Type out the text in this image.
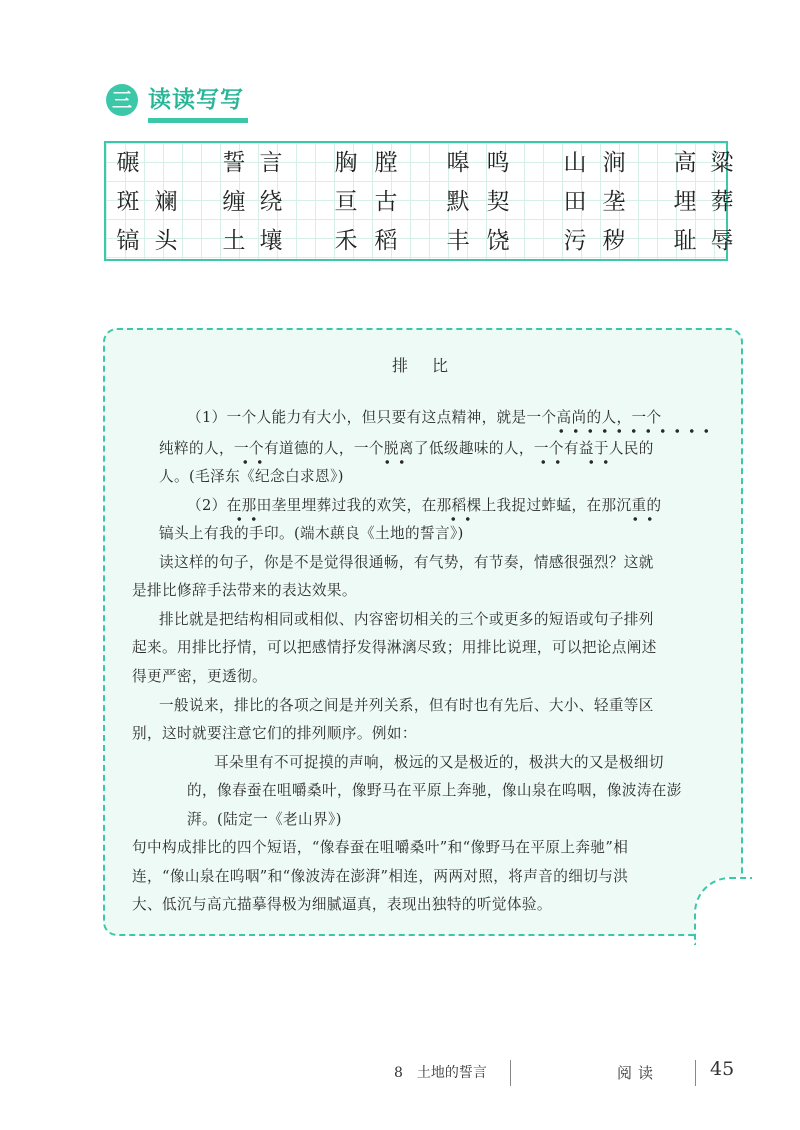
三 读读写写
碾	誓 言	胸 膛	嗥 鸣	山 涧	高 粱
斑 斓	缠 绕	亘 古	默 契	田 垄	埋 葬
镐 头	土 壤	禾 稻	丰 饶	污 秽	耻 辱
排比
（1）一个人能力有大小，但只要有这点精神，就是一个高尚的人，一个
纯粹的人，一个有道德的人，一个脱离了低级趣味的人，一个有益于人民的
人。(毛泽东《纪念白求恩》)
（2）在那田垄里埋葬过我的欢笑，在那稻棵上我捉过蚱蜢，在那沉重的
镐头上有我的手印。(端木蕻良《土地的誓言》)
读这样的句子，你是不是觉得很通畅，有气势，有节奏，情感很强烈？这就
是排比修辞手法带来的表达效果。
排比就是把结构相同或相似、内容密切相关的三个或更多的短语或句子排列
起来。用排比抒情，可以把感情抒发得淋漓尽致；用排比说理，可以把论点阐述
得更严密，更透彻。
一般说来，排比的各项之间是并列关系，但有时也有先后、大小、轻重等区
别，这时就要注意它们的排列顺序。例如：
耳朵里有不可捉摸的声响，极远的又是极近的，极洪大的又是极细切
的，像春蚕在咀嚼桑叶，像野马在平原上奔驰，像山泉在呜咽，像波涛在澎
湃。(陆定一《老山界》)
句中构成排比的四个短语，“像春蚕在咀嚼桑叶”和“像野马在平原上奔驰”相
连，“像山泉在呜咽”和“像波涛在澎湃”相连，两两对照，将声音的细切与洪
大、低沉与高亢描摹得极为细腻逼真，表现出独特的听觉体验。
8　土地的誓言	阅读	45
